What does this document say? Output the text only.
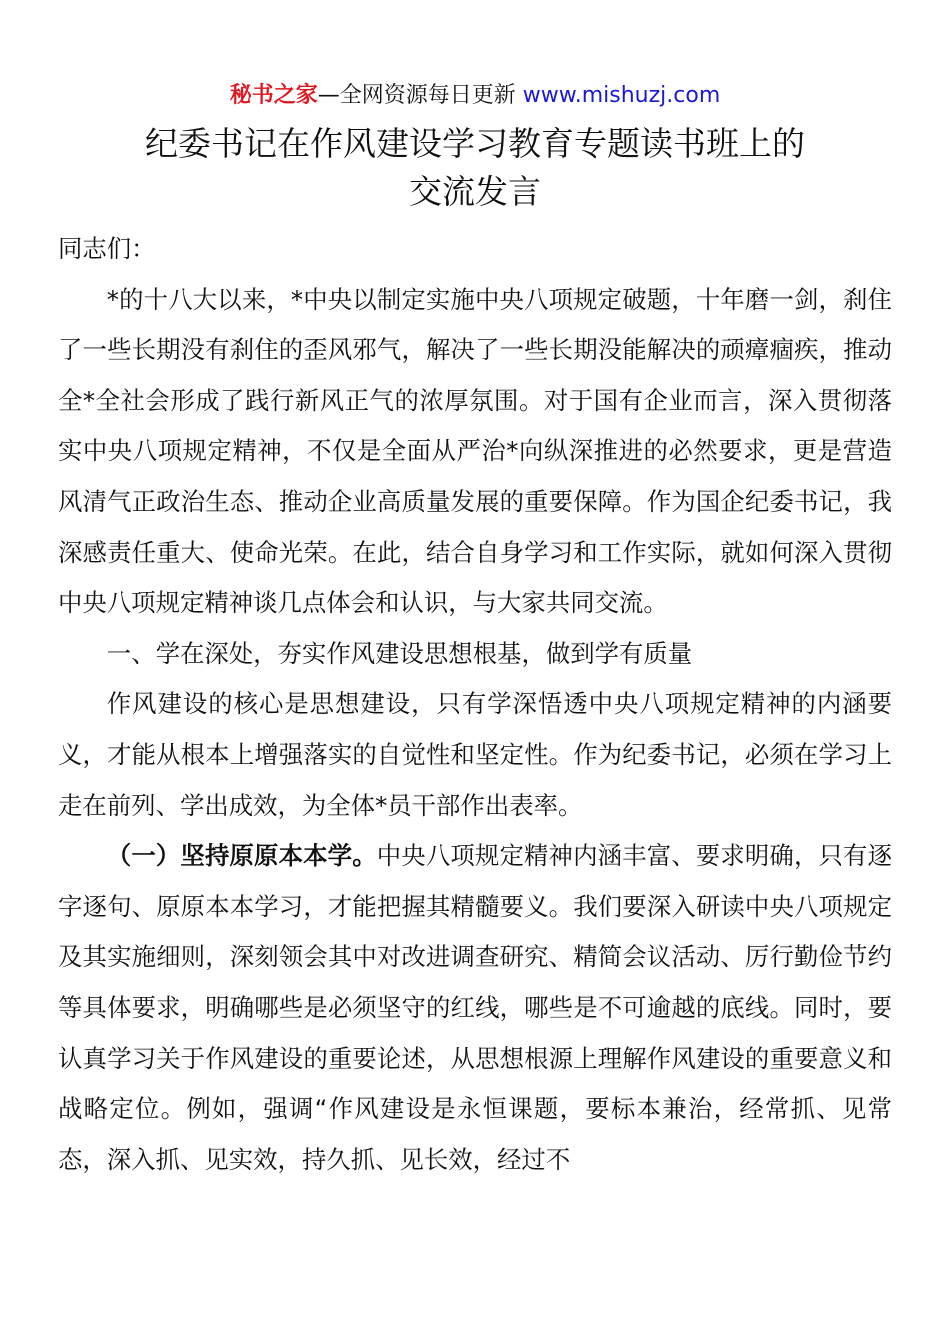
秘书之家—全网资源每日更新 www.mishuzj.com
纪委书记在作风建设学习教育专题读书班上的
交流发言

同志们：

*的十八大以来，*中央以制定实施中央八项规定破题，十年磨一剑，刹住了一些长期没有刹住的歪风邪气，解决了一些长期没能解决的顽瘴痼疾，推动全*全社会形成了践行新风正气的浓厚氛围。对于国有企业而言，深入贯彻落实中央八项规定精神，不仅是全面从严治*向纵深推进的必然要求，更是营造风清气正政治生态、推动企业高质量发展的重要保障。作为国企纪委书记，我深感责任重大、使命光荣。在此，结合自身学习和工作实际，就如何深入贯彻中央八项规定精神谈几点体会和认识，与大家共同交流。

一、学在深处，夯实作风建设思想根基，做到学有质量

作风建设的核心是思想建设，只有学深悟透中央八项规定精神的内涵要义，才能从根本上增强落实的自觉性和坚定性。作为纪委书记，必须在学习上走在前列、学出成效，为全体*员干部作出表率。

（一）坚持原原本本学。中央八项规定精神内涵丰富、要求明确，只有逐字逐句、原原本本学习，才能把握其精髓要义。我们要深入研读中央八项规定及其实施细则，深刻领会其中对改进调查研究、精简会议活动、厉行勤俭节约等具体要求，明确哪些是必须坚守的红线，哪些是不可逾越的底线。同时，要认真学习关于作风建设的重要论述，从思想根源上理解作风建设的重要意义和战略定位。例如，强调“作风建设是永恒课题，要标本兼治，经常抓、见常态，深入抓、见实效，持久抓、见长效，经过不
